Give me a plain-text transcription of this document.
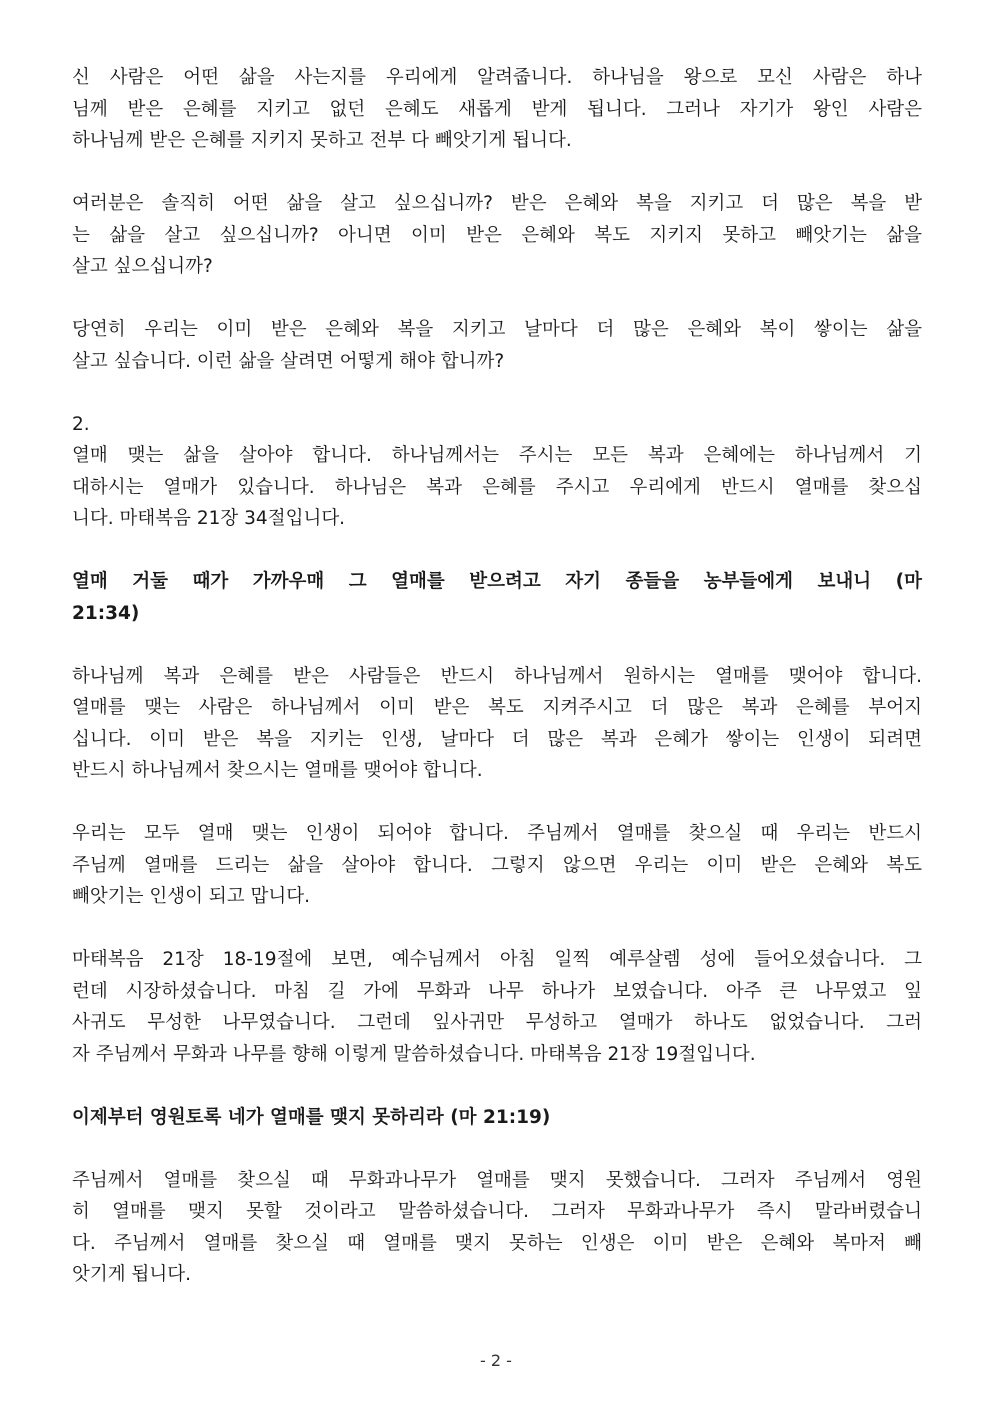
신 사람은 어떤 삶을 사는지를 우리에게 알려줍니다. 하나님을 왕으로 모신 사람은 하나

님께 받은 은혜를 지키고 없던 은혜도 새롭게 받게 됩니다. 그러나 자기가 왕인 사람은

하나님께 받은 은혜를 지키지 못하고 전부 다 빼앗기게 됩니다.

여러분은 솔직히 어떤 삶을 살고 싶으십니까? 받은 은혜와 복을 지키고 더 많은 복을 받

는 삶을 살고 싶으십니까? 아니면 이미 받은 은혜와 복도 지키지 못하고 빼앗기는 삶을

살고 싶으십니까?

당연히 우리는 이미 받은 은혜와 복을 지키고 날마다 더 많은 은혜와 복이 쌓이는 삶을

살고 싶습니다. 이런 삶을 살려면 어떻게 해야 합니까?

2.

열매 맺는 삶을 살아야 합니다. 하나님께서는 주시는 모든 복과 은혜에는 하나님께서 기

대하시는 열매가 있습니다. 하나님은 복과 은혜를 주시고 우리에게 반드시 열매를 찾으십

니다. 마태복음 21장 34절입니다.

열매 거둘 때가 가까우매 그 열매를 받으려고 자기 종들을 농부들에게 보내니 (마

21:34)

하나님께 복과 은혜를 받은 사람들은 반드시 하나님께서 원하시는 열매를 맺어야 합니다.

열매를 맺는 사람은 하나님께서 이미 받은 복도 지켜주시고 더 많은 복과 은혜를 부어지

십니다. 이미 받은 복을 지키는 인생, 날마다 더 많은 복과 은혜가 쌓이는 인생이 되려면

반드시 하나님께서 찾으시는 열매를 맺어야 합니다.

우리는 모두 열매 맺는 인생이 되어야 합니다. 주님께서 열매를 찾으실 때 우리는 반드시

주님께 열매를 드리는 삶을 살아야 합니다. 그렇지 않으면 우리는 이미 받은 은혜와 복도

빼앗기는 인생이 되고 맙니다.

마태복음 21장 18-19절에 보면, 예수님께서 아침 일찍 예루살렘 성에 들어오셨습니다. 그

런데 시장하셨습니다. 마침 길 가에 무화과 나무 하나가 보였습니다. 아주 큰 나무였고 잎

사귀도 무성한 나무였습니다. 그런데 잎사귀만 무성하고 열매가 하나도 없었습니다. 그러

자 주님께서 무화과 나무를 향해 이렇게 말씀하셨습니다. 마태복음 21장 19절입니다.

이제부터 영원토록 네가 열매를 맺지 못하리라 (마 21:19)

주님께서 열매를 찾으실 때 무화과나무가 열매를 맺지 못했습니다. 그러자 주님께서 영원

히 열매를 맺지 못할 것이라고 말씀하셨습니다. 그러자 무화과나무가 즉시 말라버렸습니

다. 주님께서 열매를 찾으실 때 열매를 맺지 못하는 인생은 이미 받은 은혜와 복마저 빼

앗기게 됩니다.

- 2 -
